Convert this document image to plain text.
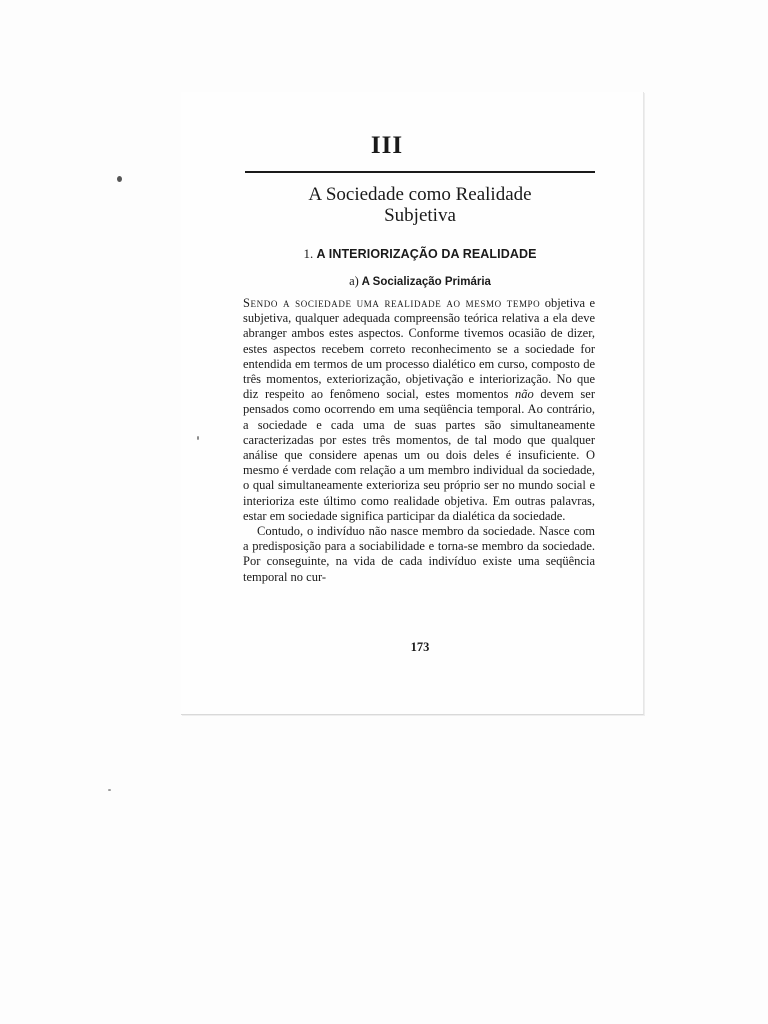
III
A Sociedade como Realidade
Subjetiva
1. A INTERIORIZAÇÃO DA REALIDADE
a) A Socialização Primária

Sendo a sociedade uma realidade ao mesmo tempo objetiva e subjetiva, qualquer adequada compreensão teórica relativa a ela deve abranger ambos estes aspectos. Conforme tivemos ocasião de dizer, estes aspectos recebem correto reconhecimento se a sociedade for entendida em termos de um processo dialético em curso, composto de três momentos, exteriorização, objetivação e interiorização. No que diz respeito ao fenômeno social, estes momentos não devem ser pensados como ocorrendo em uma seqüência temporal. Ao contrário, a sociedade e cada uma de suas partes são simultaneamente caracterizadas por estes três momentos, de tal modo que qualquer análise que considere apenas um ou dois deles é insuficiente. O mesmo é verdade com relação a um membro individual da sociedade, o qual simultaneamente exterioriza seu próprio ser no mundo social e interioriza este último como realidade objetiva. Em outras palavras, estar em sociedade significa participar da dialética da sociedade.

Contudo, o indivíduo não nasce membro da sociedade. Nasce com a predisposição para a sociabilidade e torna-se membro da sociedade. Por conseguinte, na vida de cada indivíduo existe uma seqüência temporal no cur-

173
